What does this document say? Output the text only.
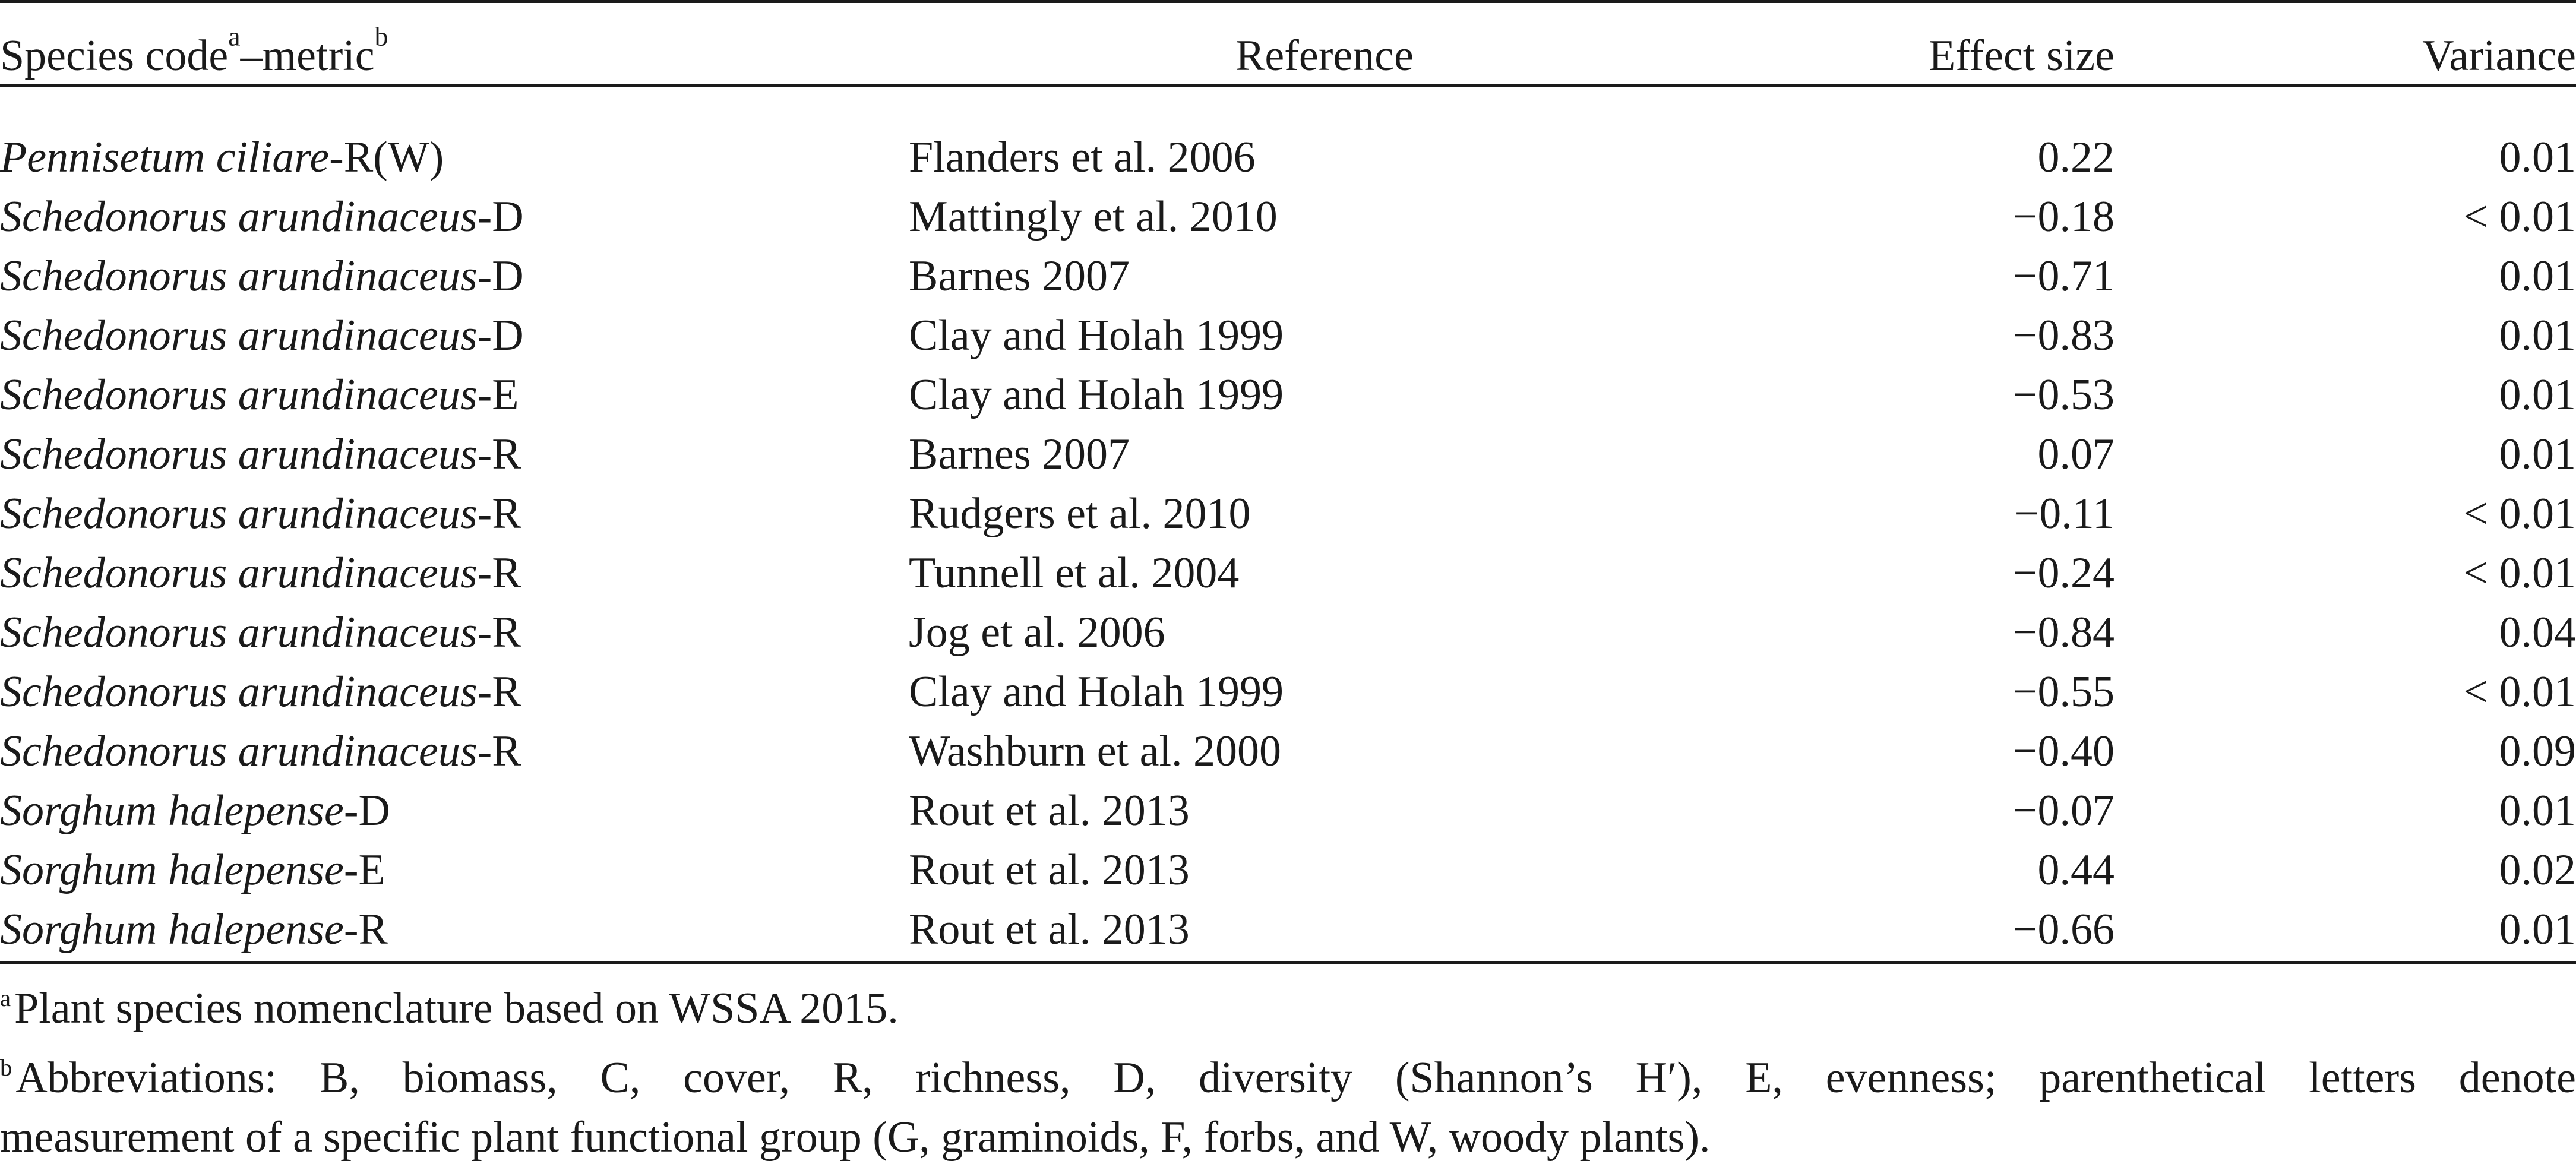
Species code$^a$–metric$^b$	Reference	Effect size	Variance
Pennisetum ciliare-R(W)	Flanders et al. 2006	0.22	0.01
Schedonorus arundinaceus-D	Mattingly et al. 2010	−0.18	< 0.01
Schedonorus arundinaceus-D	Barnes 2007	−0.71	0.01
Schedonorus arundinaceus-D	Clay and Holah 1999	−0.83	0.01
Schedonorus arundinaceus-E	Clay and Holah 1999	−0.53	0.01
Schedonorus arundinaceus-R	Barnes 2007	0.07	0.01
Schedonorus arundinaceus-R	Rudgers et al. 2010	−0.11	< 0.01
Schedonorus arundinaceus-R	Tunnell et al. 2004	−0.24	< 0.01
Schedonorus arundinaceus-R	Jog et al. 2006	−0.84	0.04
Schedonorus arundinaceus-R	Clay and Holah 1999	−0.55	< 0.01
Schedonorus arundinaceus-R	Washburn et al. 2000	−0.40	0.09
Sorghum halepense-D	Rout et al. 2013	−0.07	0.01
Sorghum halepense-E	Rout et al. 2013	0.44	0.02
Sorghum halepense-R	Rout et al. 2013	−0.66	0.01
$^a$Plant species nomenclature based on WSSA 2015.
$^b$Abbreviations: B, biomass, C, cover, R, richness, D, diversity (Shannon’s H′), E, evenness; parenthetical letters denote
measurement of a specific plant functional group (G, graminoids, F, forbs, and W, woody plants).
